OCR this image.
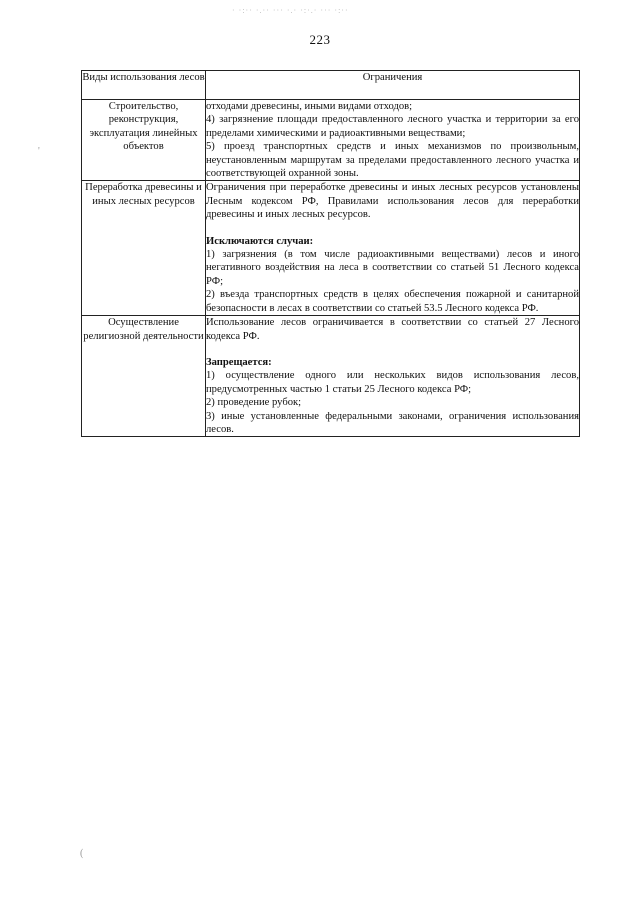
· ·:·· ·.·· ··· ·.· ·:·.· ··· ·:··
223
Виды использования лесов	Ограничения
Строительство, реконструкция, эксплуатация линейных объектов	отходами древесины, иными видами отходов;

4) загрязнение площади предоставленного лесного участка и территории за его пределами химическими и радиоактивными веществами;

5) проезд транспортных средств и иных механизмов по произвольным, неустановленным маршрутам за пределами предоставленного лесного участка и соответствующей охранной зоны.

Переработка древесины и иных лесных ресурсов	Ограничения при переработке древесины и иных лесных ресурсов установлены Лесным кодексом РФ, Правилами использования лесов для переработки древесины и иных лесных ресурсов.

Исключаются случаи:

1) загрязнения (в том числе радиоактивными веществами) лесов и иного негативного воздействия на леса в соответствии со статьей 51 Лесного кодекса РФ;

2) въезда транспортных средств в целях обеспечения пожарной и санитарной безопасности в лесах в соответствии со статьей 53.5 Лесного кодекса РФ.

Осуществление религиозной деятельности	Использование лесов ограничивается в соответствии со статьей 27 Лесного кодекса РФ.

Запрещается:

1) осуществление одного или нескольких видов использования лесов, предусмотренных частью 1 статьи 25 Лесного кодекса РФ;

2) проведение рубок;

3) иные установленные федеральными законами, ограничения использования лесов.

'
(
